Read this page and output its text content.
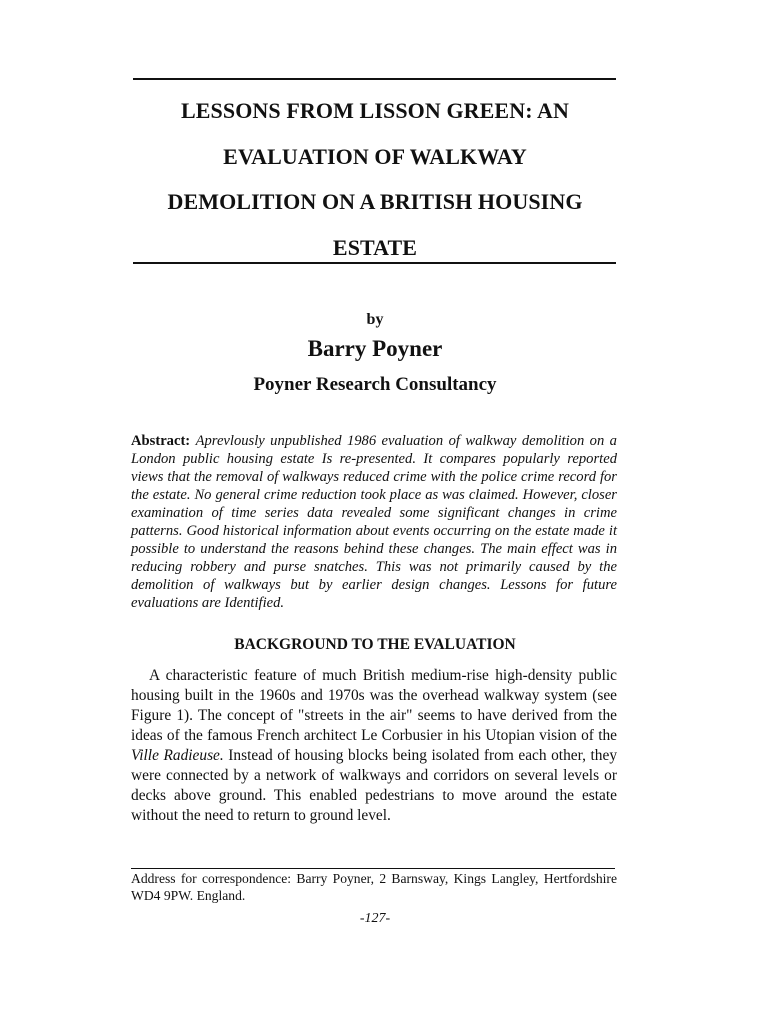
LESSONS FROM LISSON GREEN: AN
EVALUATION OF WALKWAY
DEMOLITION ON A BRITISH HOUSING
ESTATE
by
Barry Poyner
Poyner Research Consultancy

Abstract: Aprevlously unpublished 1986 evaluation of walkway demolition on a London public housing estate Is re-presented. It compares popularly reported views that the removal of walkways reduced crime with the police crime record for the estate. No general crime reduction took place as was claimed. However, closer examination of time series data revealed some significant changes in crime patterns. Good historical information about events occurring on the estate made it possible to understand the reasons behind these changes. The main effect was in reducing robbery and purse snatches. This was not primarily caused by the demolition of walkways but by earlier design changes. Lessons for future evaluations are Identified.

BACKGROUND TO THE EVALUATION

A characteristic feature of much British medium-rise high-density public housing built in the 1960s and 1970s was the overhead walkway system (see Figure 1). The concept of "streets in the air" seems to have derived from the ideas of the famous French architect Le Corbusier in his Utopian vision of the Ville Radieuse. Instead of housing blocks being isolated from each other, they were connected by a network of walkways and corridors on several levels or decks above ground. This enabled pedestrians to move around the estate without the need to return to ground level.

Address for correspondence: Barry Poyner, 2 Barnsway, Kings Langley, Hertfordshire WD4 9PW. England.

-127-
